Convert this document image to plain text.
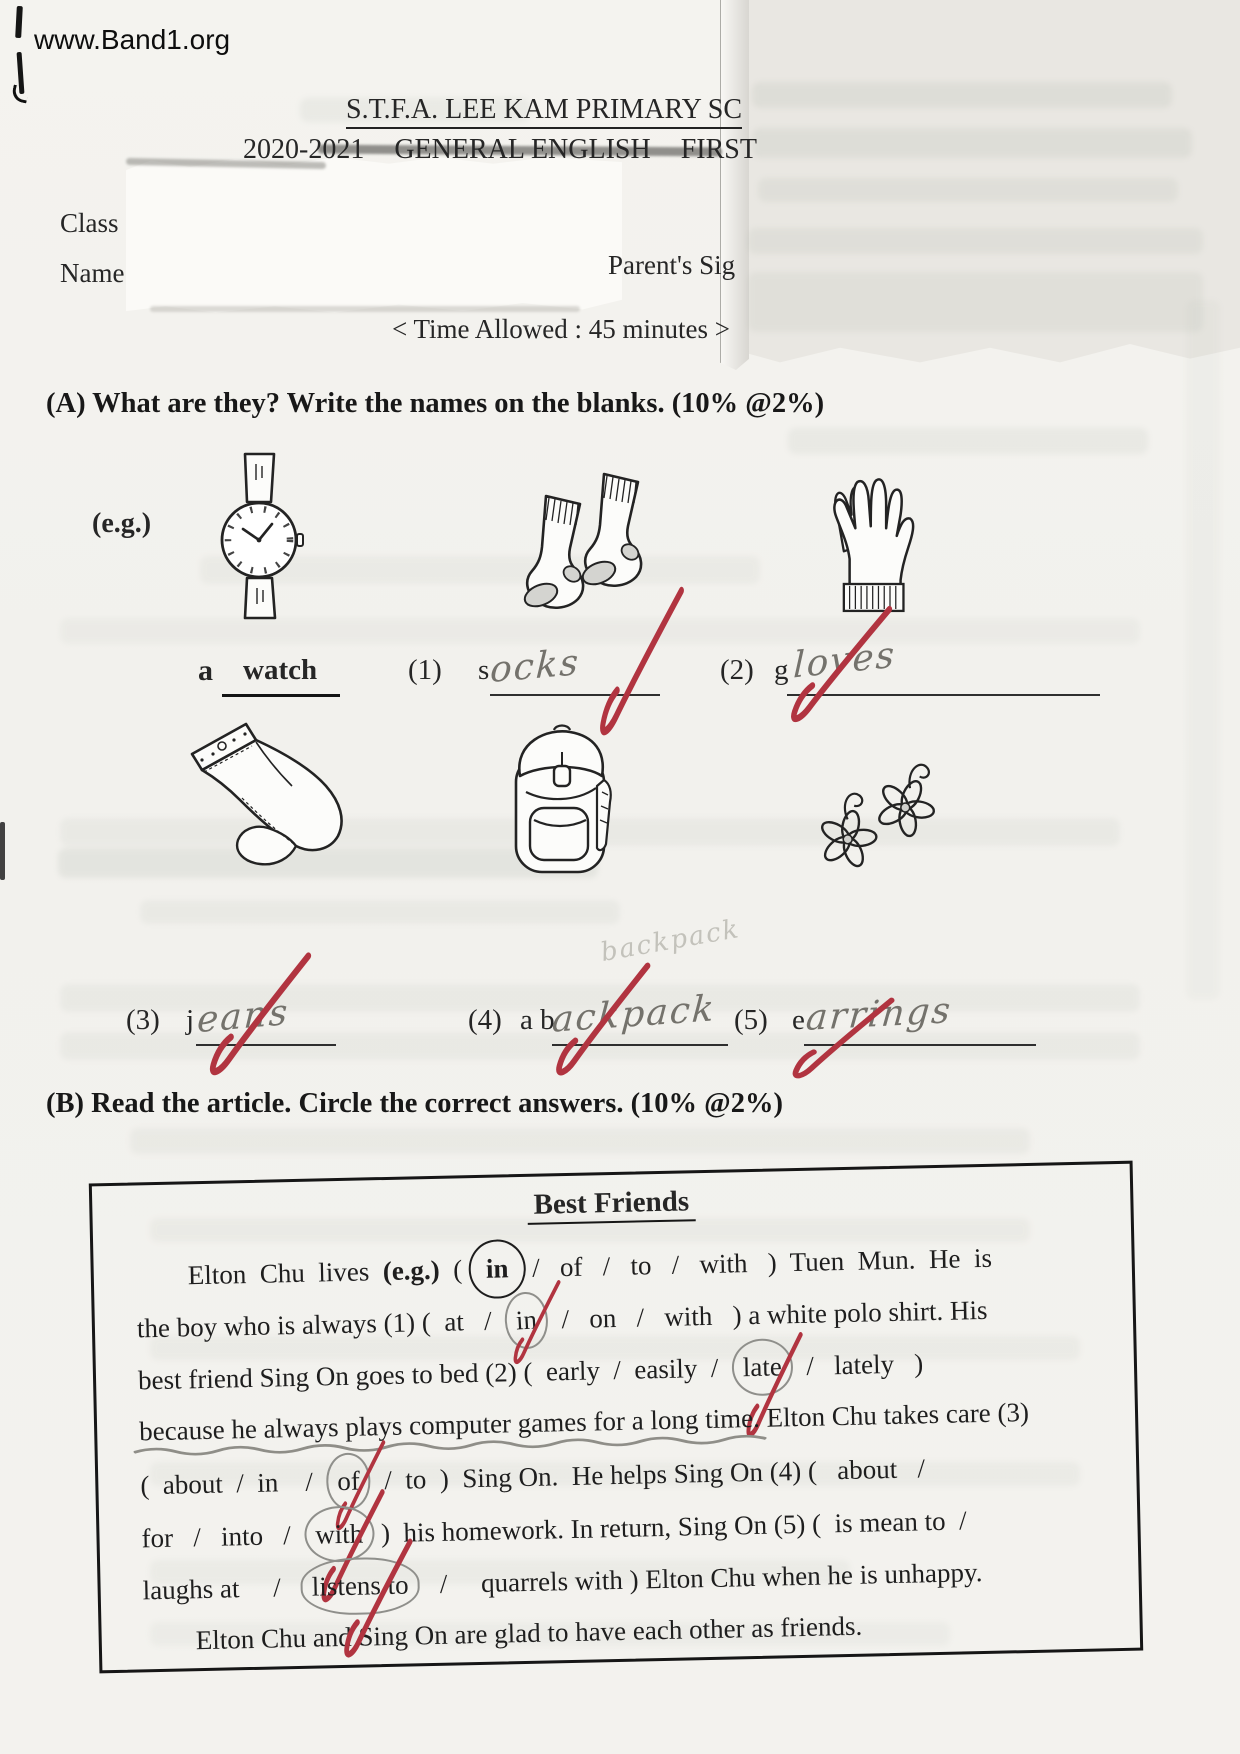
www.Band1.org
S.T.F.A. LEE KAM PRIMARY SC
2020-2021 GENERAL ENGLISH FIRST
Class
Name	Parent's Sig
< Time Allowed : 45 minutes >
(A) What are they? Write the names on the blanks. (10% @2%)
(e.g.)
a watch	(1) s ocks	(2) g loves
backpack
(3) j eans	(4) a b
ackpack (5) e arrings
(B) Read the article. Circle the correct answers. (10% @2%)
Best Friends
Elton  Chu  lives  (e.g.)  ( in /   of   /   to   /   with   )  Tuen  Mun.  He  is
the boy who is always (1) (  at   /  in
/   on   /   with   ) a white polo shirt. His
best friend Sing On goes to bed (2) (  early  /  easily  /  late
/   lately   )
because he always plays computer games for a long time.
Elton Chu takes care (3)
(  about  /  in    /  of
/  to  )  Sing On.  He helps Sing On (4) (   about   /
for   /   into   /  with
)  his homework. In return, Sing On (5) (  is mean to  /
laughs at     /   listens to
/     quarrels with ) Elton Chu when he is unhappy.
Elton Chu and Sing On are glad to have each other as friends.
